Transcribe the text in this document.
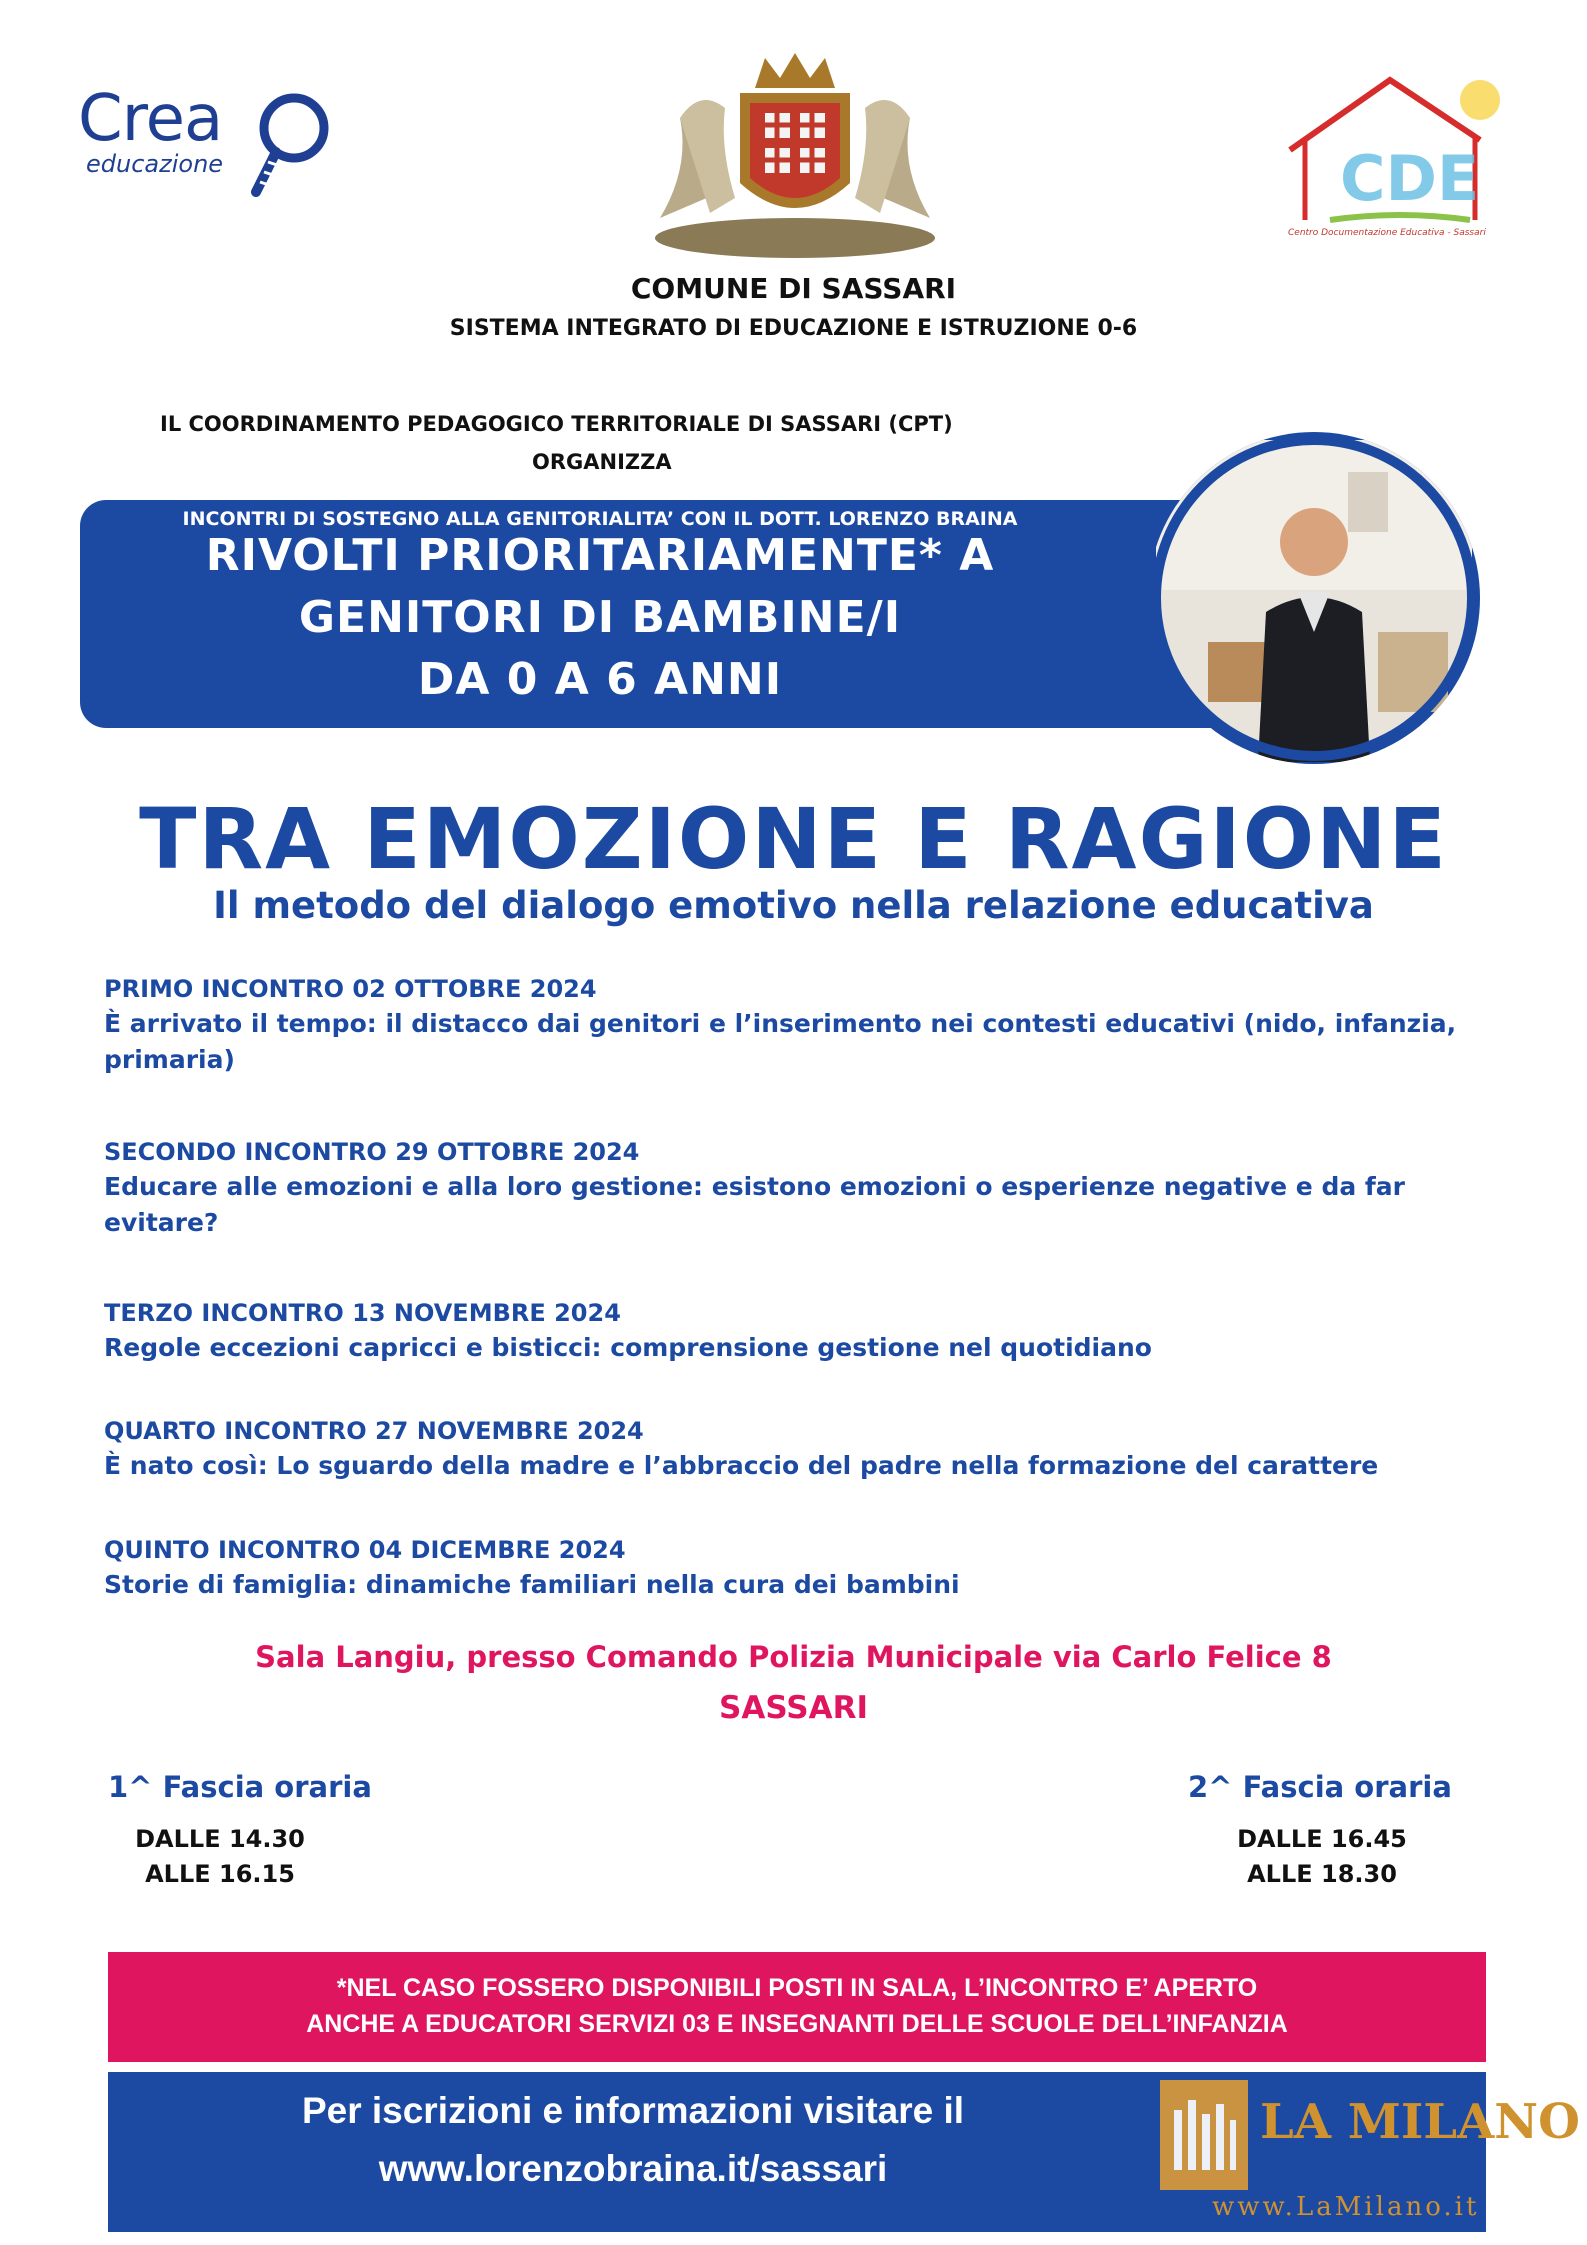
Crea
educazione	CDE
Centro Documentazione Educativa - Sassari
COMUNE DI SASSARI
SISTEMA INTEGRATO DI EDUCAZIONE E ISTRUZIONE 0-6
IL COORDINAMENTO PEDAGOGICO TERRITORIALE DI SASSARI (CPT)
ORGANIZZA
INCONTRI DI SOSTEGNO ALLA GENITORIALITA’ CON IL DOTT. LORENZO BRAINA
RIVOLTI PRIORITARIAMENTE* A
GENITORI DI BAMBINE/I
DA 0 A 6 ANNI
TRA EMOZIONE E RAGIONE
Il metodo del dialogo emotivo nella relazione educativa
PRIMO INCONTRO 02 OTTOBRE 2024
È arrivato il tempo: il distacco dai genitori e l’inserimento nei contesti educativi (nido, infanzia, primaria)
SECONDO INCONTRO 29 OTTOBRE 2024
Educare alle emozioni e alla loro gestione: esistono emozioni o esperienze negative e da far evitare?
TERZO INCONTRO 13 NOVEMBRE 2024
Regole eccezioni capricci e bisticci: comprensione gestione nel quotidiano
QUARTO INCONTRO 27 NOVEMBRE 2024
È nato così: Lo sguardo della madre e l’abbraccio del padre nella formazione del carattere
QUINTO INCONTRO 04 DICEMBRE 2024
Storie di famiglia: dinamiche familiari nella cura dei bambini
Sala Langiu, presso Comando Polizia Municipale via Carlo Felice 8
SASSARI
1^ Fascia oraria
DALLE 14.30
ALLE 16.15
2^ Fascia oraria
DALLE 16.45
ALLE 18.30
*NEL CASO FOSSERO DISPONIBILI POSTI IN SALA, L’INCONTRO E’ APERTO
ANCHE A EDUCATORI SERVIZI 03 E INSEGNANTI DELLE SCUOLE DELL’INFANZIA
Per iscrizioni e informazioni visitare il
www.lorenzobraina.it/sassari
LA MILANO
www.LaMilano.it
